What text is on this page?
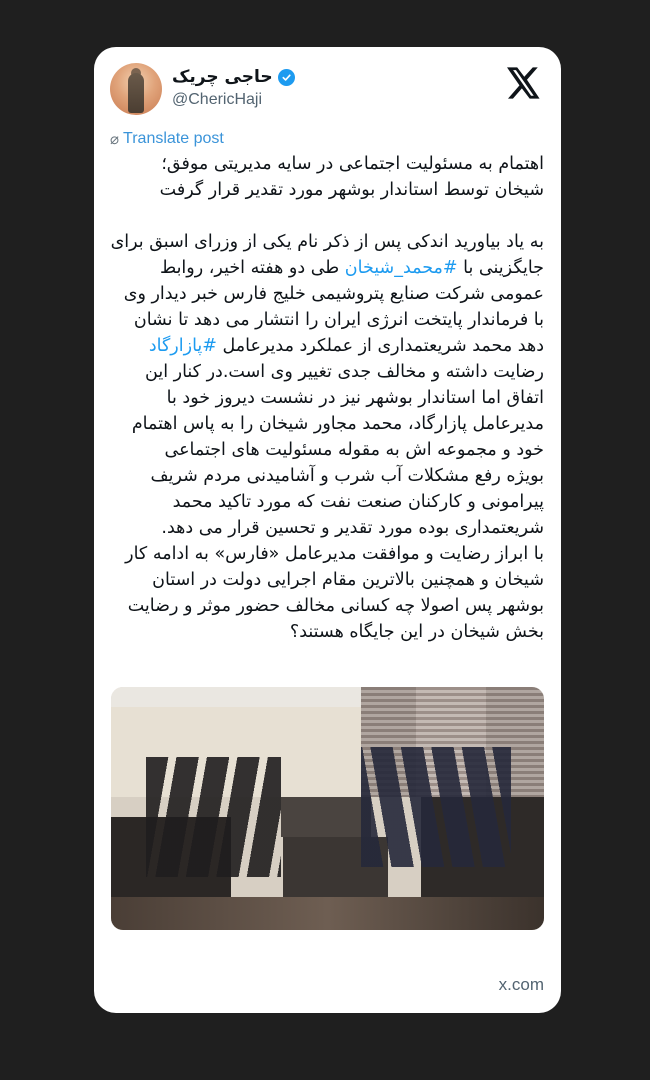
حاجی چریک
@ChericHaji
⌀ Translate post
اهتمام به مسئولیت اجتماعی در سایه مدیریتی موفق؛
شیخان توسط استاندار بوشهر مورد تقدیر قرار گرفت
به یاد بیاورید اندکی پس از ذکر نام یکی از وزرای اسبق برای
جایگزینی با #محمد_شیخان طی دو هفته اخیر، روابط
عمومی شرکت صنایع پتروشیمی خلیج فارس خبر دیدار وی
با فرماندار پایتخت انرژی ایران را انتشار می دهد تا نشان
دهد محمد شریعتمداری از عملکرد مدیرعامل #پازارگاد
رضایت داشته و مخالف جدی تغییر وی است.در کنار این
اتفاق اما استاندار بوشهر نیز در نشست دیروز خود با
مدیرعامل پازارگاد، محمد مجاور شیخان را به پاس اهتمام
خود و مجموعه اش به مقوله مسئولیت های اجتماعی
بویژه رفع مشکلات آب شرب و آشامیدنی مردم شریف
پیرامونی و کارکنان صنعت نفت که مورد تاکید محمد
شریعتمداری بوده مورد تقدیر و تحسین قرار می دهد.
با ابراز رضایت و موافقت مدیرعامل «فارس» به ادامه کار
شیخان و همچنین بالاترین مقام اجرایی دولت در استان
بوشهر پس اصولا چه کسانی مخالف حضور موثر و رضایت
بخش شیخان در این جایگاه هستند؟
x.com
